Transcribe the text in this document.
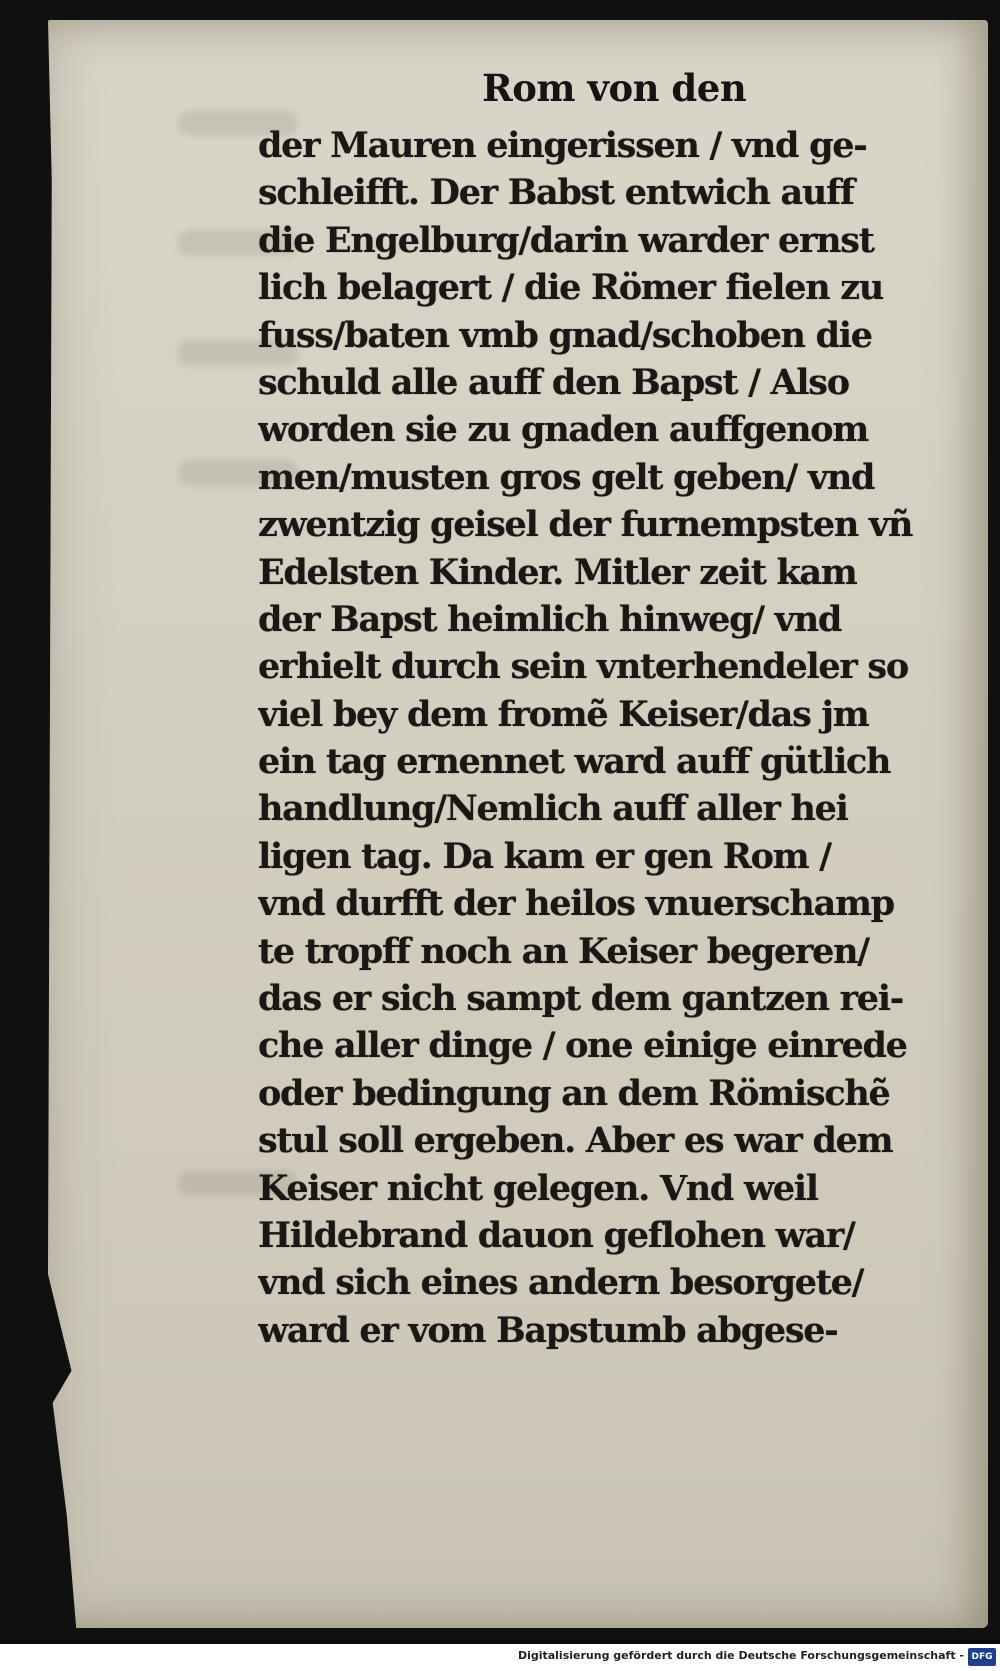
Rom von den
der Mauren eingerissen / vnd ge-
schleifft. Der Babst entwich auff
die Engelburg/darin warder ernst
lich belagert / die Römer fielen zu
fuss/baten vmb gnad/schoben die
schuld alle auff den Bapst / Also
worden sie zu gnaden auffgenom
men/musten gros gelt geben/ vnd
zwentzig geisel der furnempsten vñ
Edelsten Kinder. Mitler zeit kam
der Bapst heimlich hinweg/ vnd
erhielt durch sein vnterhendeler so
viel bey dem fromẽ Keiser/das jm
ein tag ernennet ward auff gütlich
handlung/Nemlich auff aller hei
ligen tag. Da kam er gen Rom /
vnd durfft der heilos vnuerschamp
te tropff noch an Keiser begeren/
das er sich sampt dem gantzen rei-
che aller dinge / one einige einrede
oder bedingung an dem Römischẽ
stul soll ergeben. Aber es war dem
Keiser nicht gelegen. Vnd weil
Hildebrand dauon geflohen war/
vnd sich eines andern besorgete/
ward er vom Bapstumb abgese-
Digitalisierung gefördert durch die Deutsche Forschungsgemeinschaft - DFG
